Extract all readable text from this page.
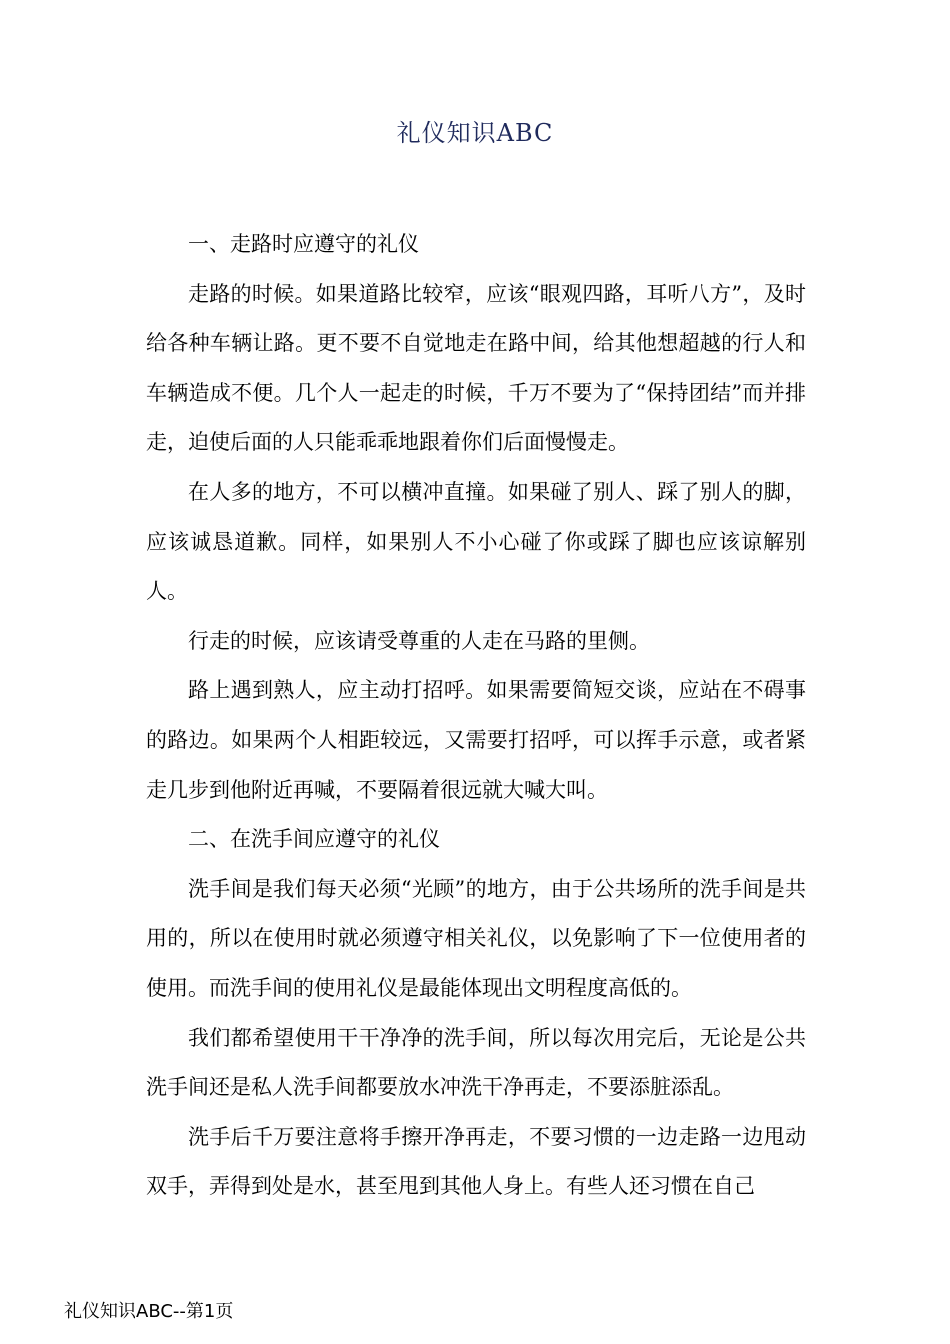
礼仪知识ABC

一、走路时应遵守的礼仪

走路的时候。如果道路比较窄，应该“眼观四路，耳听八方”，及时给各种车辆让路。更不要不自觉地走在路中间，给其他想超越的行人和车辆造成不便。几个人一起走的时候，千万不要为了“保持团结”而并排走，迫使后面的人只能乖乖地跟着你们后面慢慢走。

在人多的地方，不可以横冲直撞。如果碰了别人、踩了别人的脚，应该诚恳道歉。同样，如果别人不小心碰了你或踩了脚也应该谅解别人。

行走的时候，应该请受尊重的人走在马路的里侧。

路上遇到熟人，应主动打招呼。如果需要简短交谈，应站在不碍事的路边。如果两个人相距较远，又需要打招呼，可以挥手示意，或者紧走几步到他附近再喊，不要隔着很远就大喊大叫。

二、在洗手间应遵守的礼仪

洗手间是我们每天必须“光顾”的地方，由于公共场所的洗手间是共用的，所以在使用时就必须遵守相关礼仪，以免影响了下一位使用者的使用。而洗手间的使用礼仪是最能体现出文明程度高低的。

我们都希望使用干干净净的洗手间，所以每次用完后，无论是公共洗手间还是私人洗手间都要放水冲洗干净再走，不要添脏添乱。

洗手后千万要注意将手擦开净再走，不要习惯的一边走路一边甩动双手，弄得到处是水，甚至甩到其他人身上。有些人还习惯在自己

礼仪知识ABC--第1页
